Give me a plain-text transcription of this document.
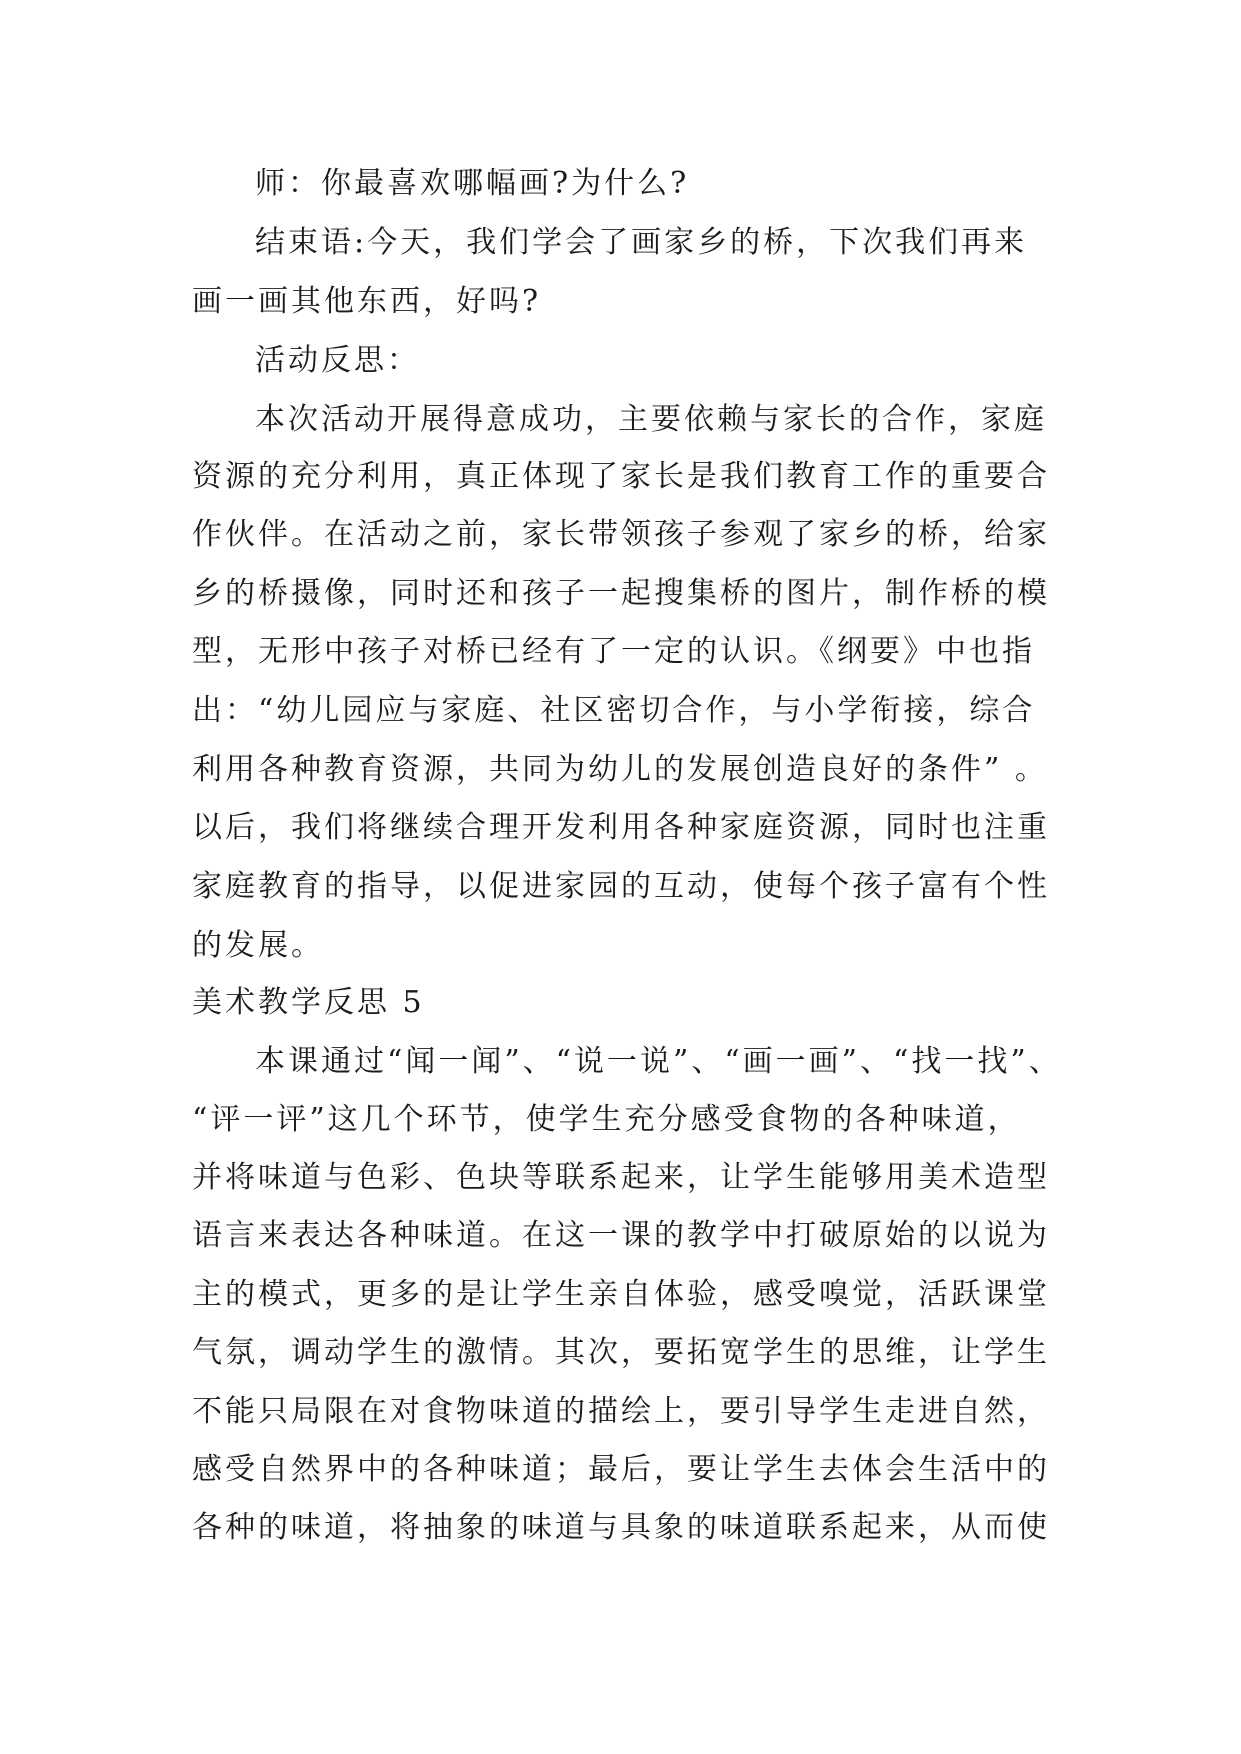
师：你最喜欢哪幅画?为什么?
结束语:今天，我们学会了画家乡的桥，下次我们再来
画一画其他东西，好吗?
活动反思：
本次活动开展得意成功，主要依赖与家长的合作，家庭
资源的充分利用，真正体现了家长是我们教育工作的重要合
作伙伴。在活动之前，家长带领孩子参观了家乡的桥，给家
乡的桥摄像，同时还和孩子一起搜集桥的图片，制作桥的模
型，无形中孩子对桥已经有了一定的认识。《纲要》中也指
出：“幼儿园应与家庭、社区密切合作，与小学衔接，综合
利用各种教育资源，共同为幼儿的发展创造良好的条件” 。
以后，我们将继续合理开发利用各种家庭资源，同时也注重
家庭教育的指导，以促进家园的互动，使每个孩子富有个性
的发展。
美术教学反思 5
本课通过“闻一闻”、“说一说”、“画一画”、“找一找”、
“评一评”这几个环节，使学生充分感受食物的各种味道，
并将味道与色彩、色块等联系起来，让学生能够用美术造型
语言来表达各种味道。在这一课的教学中打破原始的以说为
主的模式，更多的是让学生亲自体验，感受嗅觉，活跃课堂
气氛，调动学生的激情。其次，要拓宽学生的思维，让学生
不能只局限在对食物味道的描绘上，要引导学生走进自然，
感受自然界中的各种味道；最后，要让学生去体会生活中的
各种的味道，将抽象的味道与具象的味道联系起来，从而使
